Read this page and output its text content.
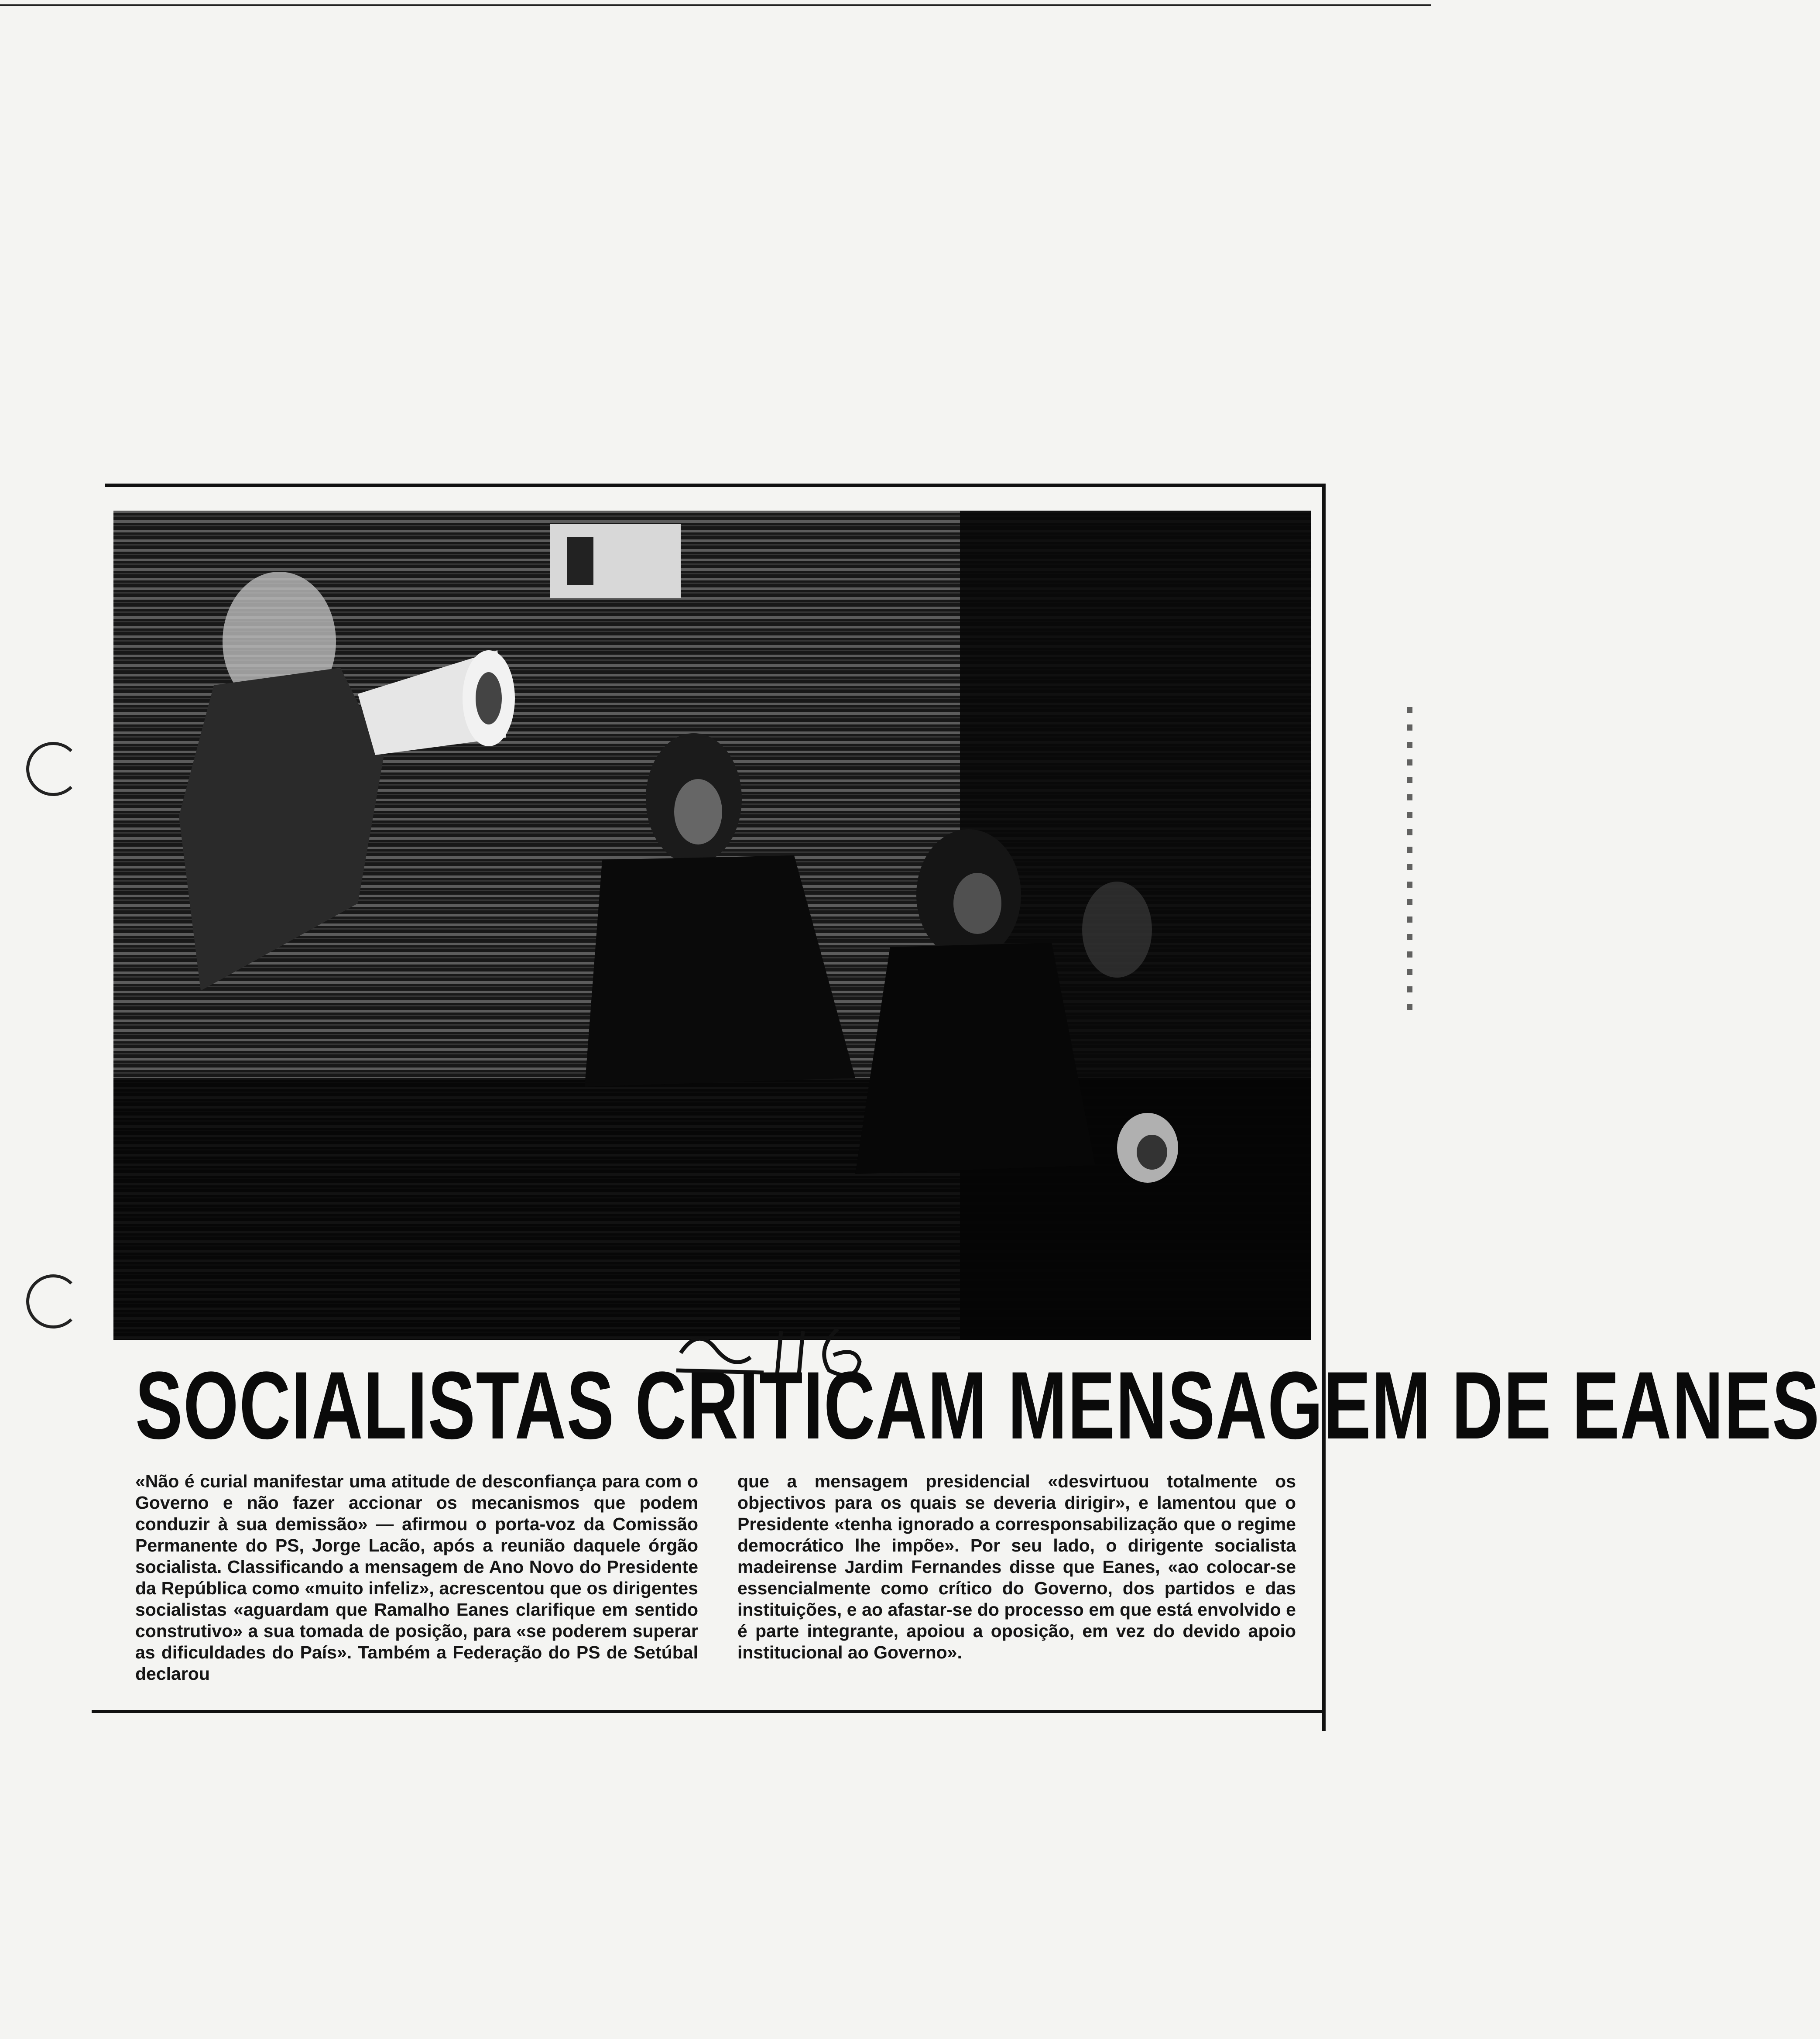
SOCIALISTAS CRITICAM MENSAGEM DE EANES
«Não é curial manifestar uma atitude de desconfiança para com o Governo e não fazer accionar os mecanismos que podem conduzir à sua demissão» — afirmou o porta-voz da Comissão Permanente do PS, Jorge Lacão, após a reunião daquele órgão socialista. Classificando a mensagem de Ano Novo do Presidente da República como «muito infeliz», acrescentou que os dirigentes socialistas «aguardam que Ramalho Eanes clarifique em sentido construtivo» a sua tomada de posição, para «se poderem superar as dificuldades do País». Também a Federação do PS de Setúbal declarou
que a mensagem presidencial «desvirtuou totalmente os objectivos para os quais se deveria dirigir», e lamentou que o Presidente «tenha ignorado a corresponsabilização que o regime democrático lhe impõe». Por seu lado, o dirigente socialista madeirense Jardim Fernandes disse que Eanes, «ao colocar-se essencialmente como crítico do Governo, dos partidos e das instituições, e ao afastar-se do processo em que está envolvido e é parte integrante, apoiou a oposição, em vez do devido apoio institucional ao Governo».
